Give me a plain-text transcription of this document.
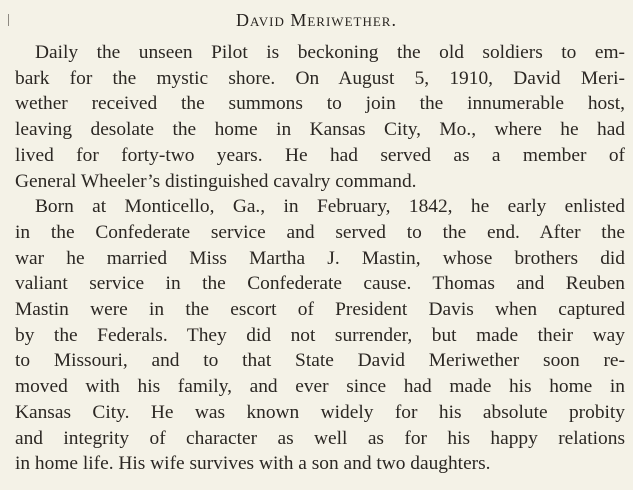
David Meriwether.
Daily the unseen Pilot is beckoning the old soldiers to em-
bark for the mystic shore. On August 5, 1910, David Meri-
wether received the summons to join the innumerable host,
leaving desolate the home in Kansas City, Mo., where he had
lived for forty-two years. He had served as a member of
General Wheeler’s distinguished cavalry command.
Born at Monticello, Ga., in February, 1842, he early enlisted
in the Confederate service and served to the end. After the
war he married Miss Martha J. Mastin, whose brothers did
valiant service in the Confederate cause. Thomas and Reuben
Mastin were in the escort of President Davis when captured
by the Federals. They did not surrender, but made their way
to Missouri, and to that State David Meriwether soon re-
moved with his family, and ever since had made his home in
Kansas City. He was known widely for his absolute probity
and integrity of character as well as for his happy relations
in home life. His wife survives with a son and two daughters.
